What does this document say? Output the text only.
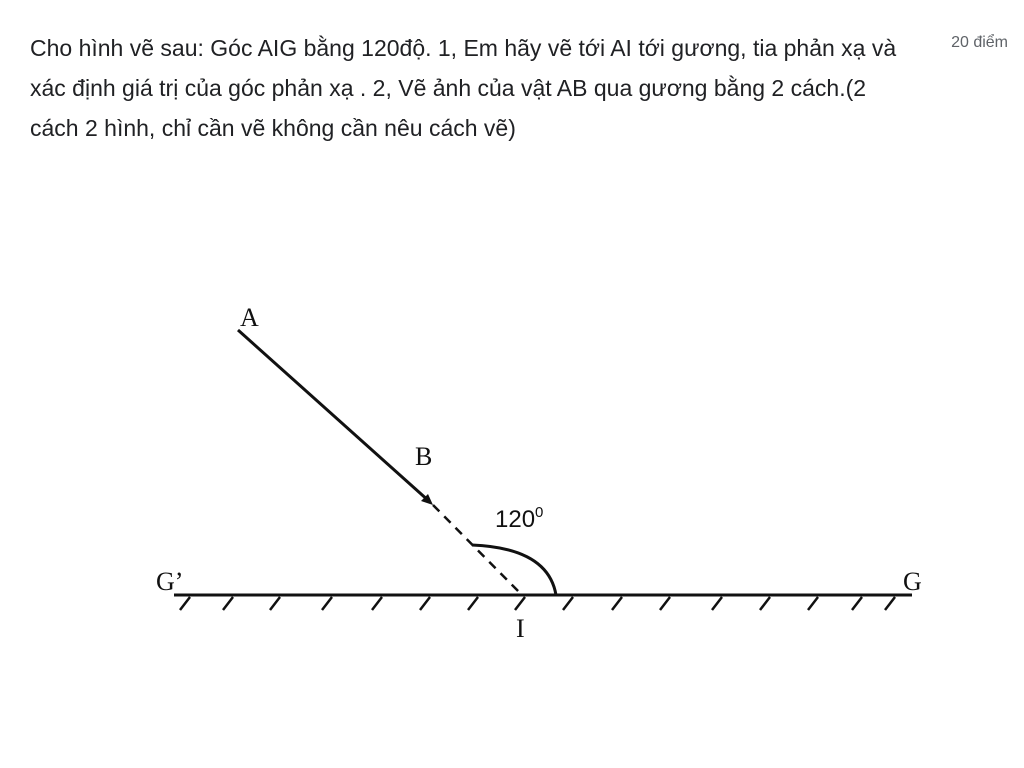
Cho hình vẽ sau: Góc AIG bằng 120độ. 1, Em hãy vẽ tới AI tới gương, tia phản xạ và xác định giá trị của góc phản xạ . 2, Vẽ ảnh của vật AB qua gương bằng 2 cách.(2 cách 2 hình, chỉ cần vẽ không cần nêu cách vẽ)

20 điểm
A
B
I
G
G’
$120^0$
